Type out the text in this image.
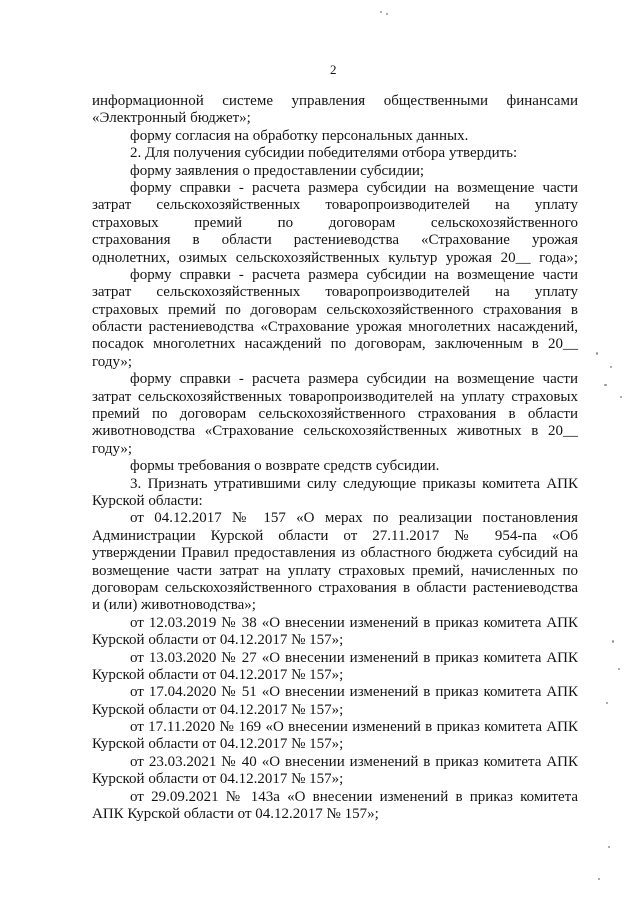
2
информационной системе управления общественными финансами
«Электронный бюджет»;
форму согласия на обработку персональных данных.
2. Для получения субсидии победителями отбора утвердить:
форму заявления о предоставлении субсидии;
форму справки - расчета размера субсидии на возмещение части
затрат сельскохозяйственных товаропроизводителей на уплату
страховых премий по договорам сельскохозяйственного
страхования в области растениеводства «Страхование урожая
однолетних, озимых сельскохозяйственных культур урожая 20__ года»;
форму справки - расчета размера субсидии на возмещение части
затрат сельскохозяйственных товаропроизводителей на уплату
страховых премий по договорам сельскохозяйственного страхования в
области растениеводства «Страхование урожая многолетних насаждений,
посадок многолетних насаждений по договорам, заключенным в 20__
году»;
форму справки - расчета размера субсидии на возмещение части
затрат сельскохозяйственных товаропроизводителей на уплату страховых
премий по договорам сельскохозяйственного страхования в области
животноводства «Страхование сельскохозяйственных животных в 20__
году»;
формы требования о возврате средств субсидии.
3. Признать утратившими силу следующие приказы комитета АПК
Курской области:
от 04.12.2017 № 157 «О мерах по реализации постановления
Администрации Курской области от 27.11.2017 № 954-па «Об
утверждении Правил предоставления из областного бюджета субсидий на
возмещение части затрат на уплату страховых премий, начисленных по
договорам сельскохозяйственного страхования в области растениеводства
и (или) животноводства»;
от 12.03.2019 № 38 «О внесении изменений в приказ комитета АПК
Курской области от 04.12.2017 № 157»;
от 13.03.2020 № 27 «О внесении изменений в приказ комитета АПК
Курской области от 04.12.2017 № 157»;
от 17.04.2020 № 51 «О внесении изменений в приказ комитета АПК
Курской области от 04.12.2017 № 157»;
от 17.11.2020 № 169 «О внесении изменений в приказ комитета АПК
Курской области от 04.12.2017 № 157»;
от 23.03.2021 № 40 «О внесении изменений в приказ комитета АПК
Курской области от 04.12.2017 № 157»;
от 29.09.2021 № 143а «О внесении изменений в приказ комитета
АПК Курской области от 04.12.2017 № 157»;
